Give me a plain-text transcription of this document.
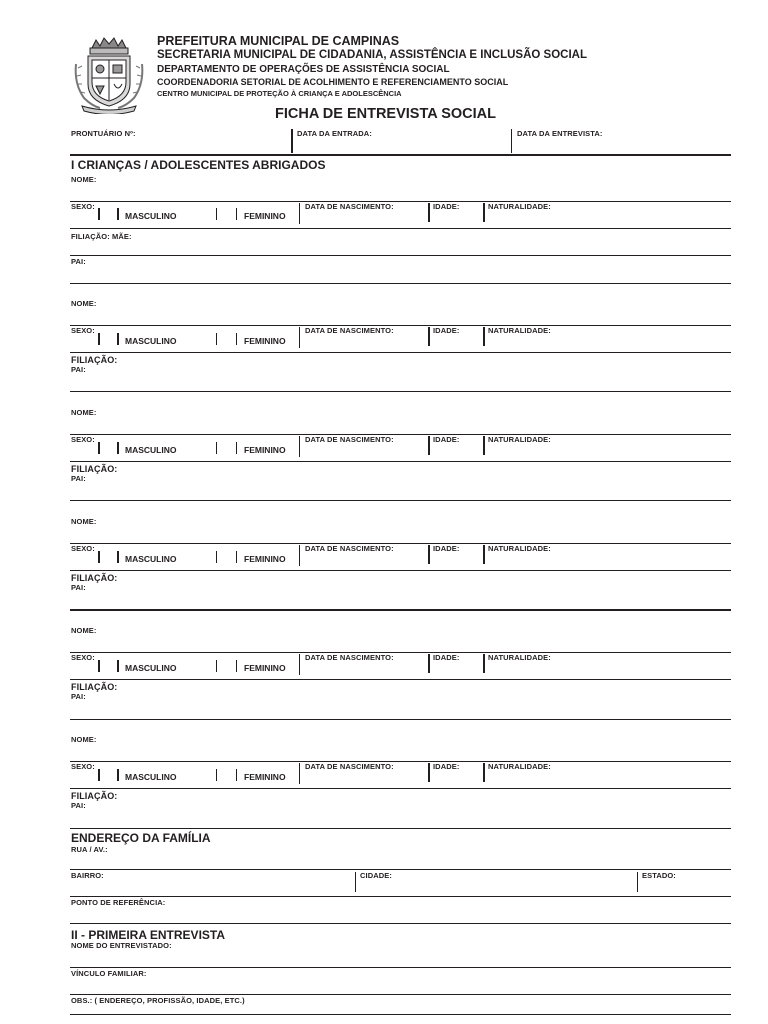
PREFEITURA MUNICIPAL DE CAMPINAS
SECRETARIA MUNICIPAL DE CIDADANIA, ASSISTÊNCIA E INCLUSÃO SOCIAL
DEPARTAMENTO DE OPERAÇÕES DE ASSISTÊNCIA SOCIAL
COORDENADORIA SETORIAL DE ACOLHIMENTO E REFERENCIAMENTO SOCIAL
CENTRO MUNICIPAL DE PROTEÇÃO À CRIANÇA E ADOLESCÊNCIA
FICHA DE ENTREVISTA SOCIAL
PRONTUÁRIO Nº:	DATA DA ENTRADA:	DATA DA ENTREVISTA:
I CRIANÇAS / ADOLESCENTES ABRIGADOS
NOME:
SEXO:
MASCULINO	FEMININO
DATA DE NASCIMENTO:	IDADE:	NATURALIDADE:
FILIAÇÃO: MÃE:
PAI:
NOME:
SEXO:
MASCULINO	FEMININO
DATA DE NASCIMENTO:	IDADE:	NATURALIDADE:
FILIAÇÃO:
PAI:
NOME:
SEXO:
MASCULINO	FEMININO
DATA DE NASCIMENTO:	IDADE:	NATURALIDADE:
FILIAÇÃO:
PAI:
NOME:
SEXO:
MASCULINO	FEMININO
DATA DE NASCIMENTO:	IDADE:	NATURALIDADE:
FILIAÇÃO:
PAI:
NOME:
SEXO:
MASCULINO	FEMININO
DATA DE NASCIMENTO:	IDADE:	NATURALIDADE:
FILIAÇÃO:
PAI:
NOME:
SEXO:
MASCULINO	FEMININO
DATA DE NASCIMENTO:	IDADE:	NATURALIDADE:
FILIAÇÃO:
PAI:
ENDEREÇO DA FAMÍLIA
RUA / AV.:
BAIRRO:	CIDADE:	ESTADO:
PONTO DE REFERÊNCIA:
II - PRIMEIRA ENTREVISTA
NOME DO ENTREVISTADO:
VÍNCULO FAMILIAR:
OBS.: ( ENDEREÇO, PROFISSÃO, IDADE, ETC.)
